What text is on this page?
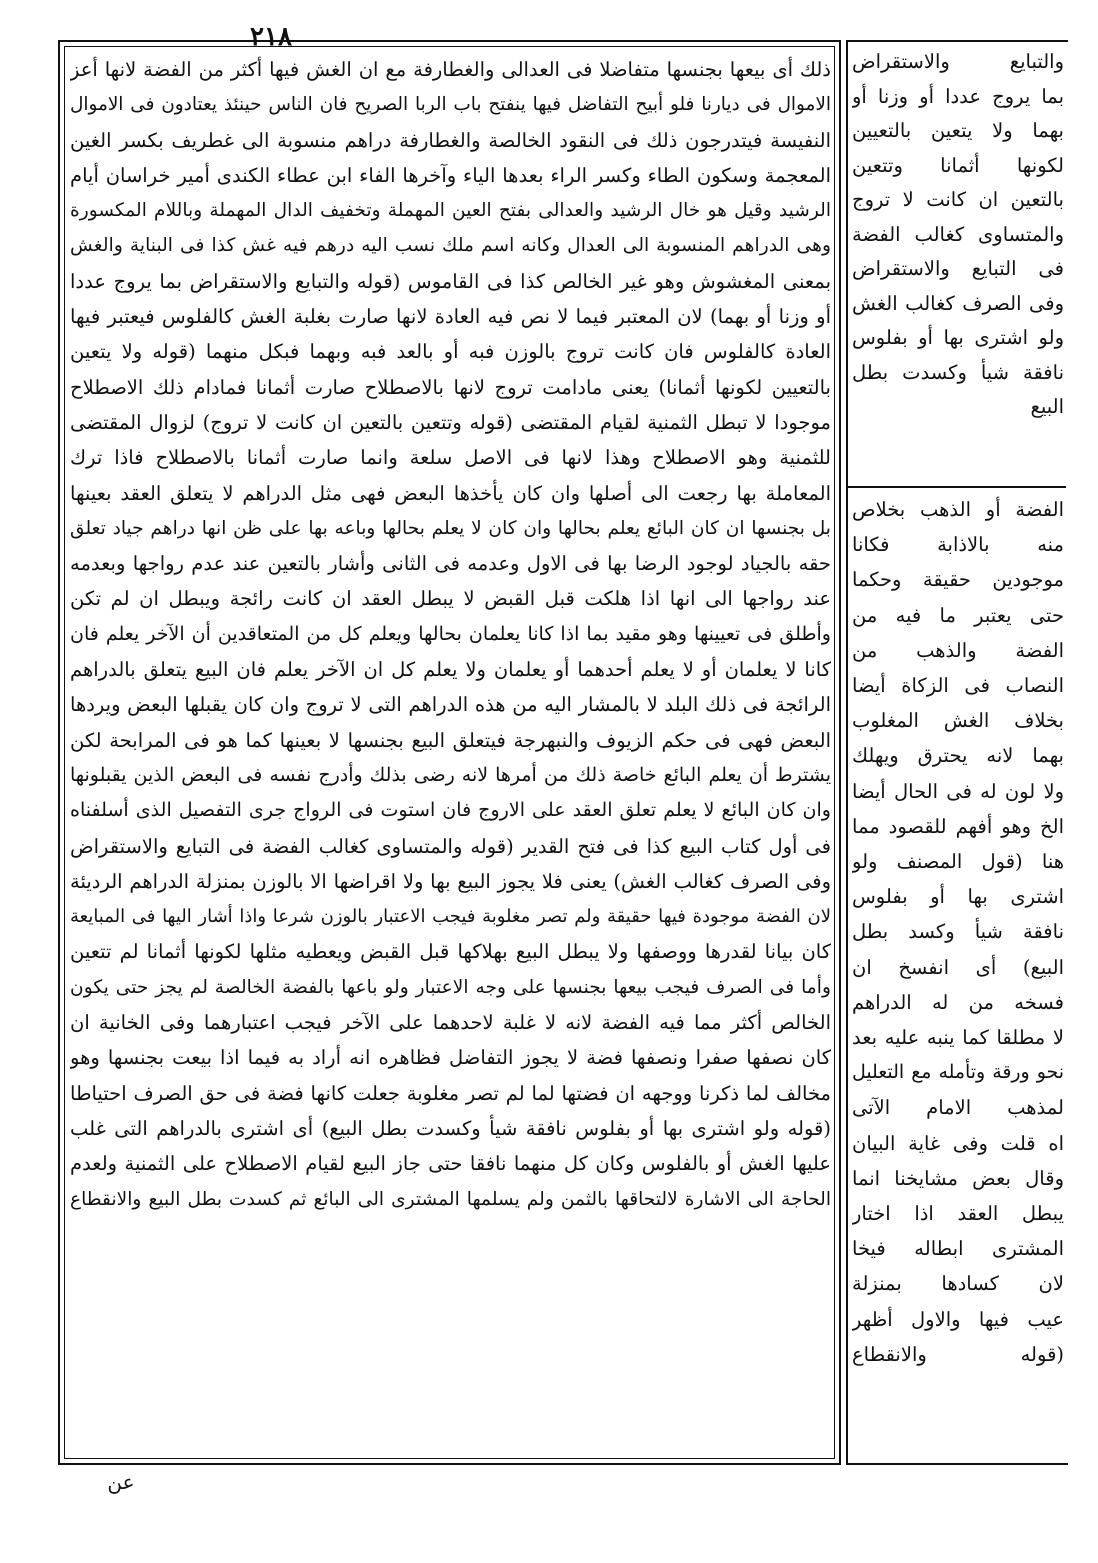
٢١٨
ذلك أى بيعها بجنسها متفاضلا فى العدالى والغطارفة مع ان الغش فيها أكثر من الفضة لانها أعز
الاموال فى ديارنا فلو أبيح التفاضل فيها ينفتح باب الربا الصريح فان الناس حينئذ يعتادون فى الاموال
النفيسة فيتدرجون ذلك فى النقود الخالصة والغطارفة دراهم منسوبة الى غطريف بكسر الغين
المعجمة وسكون الطاء وكسر الراء بعدها الياء وآخرها الفاء ابن عطاء الكندى أمير خراسان أيام
الرشيد وقيل هو خال الرشيد والعدالى بفتح العين المهملة وتخفيف الدال المهملة وباللام المكسورة
وهى الدراهم المنسوبة الى العدال وكانه اسم ملك نسب اليه درهم فيه غش كذا فى البناية والغش
بمعنى المغشوش وهو غير الخالص كذا فى القاموس (قوله والتبايع والاستقراض بما يروج عددا
أو وزنا أو بهما) لان المعتبر فيما لا نص فيه العادة لانها صارت بغلبة الغش كالفلوس فيعتبر فيها
العادة كالفلوس فان كانت تروج بالوزن فبه أو بالعد فبه وبهما فبكل منهما (قوله ولا يتعين
بالتعيين لكونها أثمانا) يعنى مادامت تروج لانها بالاصطلاح صارت أثمانا فمادام ذلك الاصطلاح
موجودا لا تبطل الثمنية لقيام المقتضى (قوله وتتعين بالتعين ان كانت لا تروج) لزوال المقتضى
للثمنية وهو الاصطلاح وهذا لانها فى الاصل سلعة وانما صارت أثمانا بالاصطلاح فاذا ترك
المعاملة بها رجعت الى أصلها وان كان يأخذها البعض فهى مثل الدراهم لا يتعلق العقد بعينها
بل بجنسها ان كان البائع يعلم بحالها وان كان لا يعلم بحالها وباعه بها على ظن انها دراهم جياد تعلق
حقه بالجياد لوجود الرضا بها فى الاول وعدمه فى الثانى وأشار بالتعين عند عدم رواجها وبعدمه
عند رواجها الى انها اذا هلكت قبل القبض لا يبطل العقد ان كانت رائجة ويبطل ان لم تكن
وأطلق فى تعيينها وهو مقيد بما اذا كانا يعلمان بحالها ويعلم كل من المتعاقدين أن الآخر يعلم فان
كانا لا يعلمان أو لا يعلم أحدهما أو يعلمان ولا يعلم كل ان الآخر يعلم فان البيع يتعلق بالدراهم
الرائجة فى ذلك البلد لا بالمشار اليه من هذه الدراهم التى لا تروج وان كان يقبلها البعض ويردها
البعض فهى فى حكم الزيوف والنبهرجة فيتعلق البيع بجنسها لا بعينها كما هو فى المرابحة لكن
يشترط أن يعلم البائع خاصة ذلك من أمرها لانه رضى بذلك وأدرج نفسه فى البعض الذين يقبلونها
وان كان البائع لا يعلم تعلق العقد على الاروج فان استوت فى الرواج جرى التفصيل الذى أسلفناه
فى أول كتاب البيع كذا فى فتح القدير (قوله والمتساوى كغالب الفضة فى التبايع والاستقراض
وفى الصرف كغالب الغش) يعنى فلا يجوز البيع بها ولا اقراضها الا بالوزن بمنزلة الدراهم الرديئة
لان الفضة موجودة فيها حقيقة ولم تصر مغلوبة فيجب الاعتبار بالوزن شرعا واذا أشار اليها فى المبايعة
كان بيانا لقدرها ووصفها ولا يبطل البيع بهلاكها قبل القبض ويعطيه مثلها لكونها أثمانا لم تتعين
وأما فى الصرف فيجب بيعها بجنسها على وجه الاعتبار ولو باعها بالفضة الخالصة لم يجز حتى يكون
الخالص أكثر مما فيه الفضة لانه لا غلبة لاحدهما على الآخر فيجب اعتبارهما وفى الخانية ان
كان نصفها صفرا ونصفها فضة لا يجوز التفاضل فظاهره انه أراد به فيما اذا بيعت بجنسها وهو
مخالف لما ذكرنا ووجهه ان فضتها لما لم تصر مغلوبة جعلت كانها فضة فى حق الصرف احتياطا
(قوله ولو اشترى بها أو بفلوس نافقة شيأ وكسدت بطل البيع) أى اشترى بالدراهم التى غلب
عليها الغش أو بالفلوس وكان كل منهما نافقا حتى جاز البيع لقيام الاصطلاح على الثمنية ولعدم
الحاجة الى الاشارة لالتحاقها بالثمن ولم يسلمها المشترى الى البائع ثم كسدت بطل البيع والانقطاع
والتبايع والاستقراض
بما يروج عددا أو وزنا أو
بهما ولا يتعين بالتعيين
لكونها أثمانا وتتعين
بالتعين ان كانت لا تروج
والمتساوى كغالب الفضة
فى التبايع والاستقراض
وفى الصرف كغالب الغش
ولو اشترى بها أو بفلوس
نافقة شيأ وكسدت بطل
البيع
الفضة أو الذهب بخلاص
منه بالاذابة فكانا
موجودين حقيقة وحكما
حتى يعتبر ما فيه من
الفضة والذهب من
النصاب فى الزكاة أيضا
بخلاف الغش المغلوب
بهما لانه يحترق ويهلك
ولا لون له فى الحال أيضا
الخ وهو أفهم للقصود مما
هنا (قول المصنف ولو
اشترى بها أو بفلوس
نافقة شيأ وكسد بطل
البيع) أى انفسخ ان
فسخه من له الدراهم
لا مطلقا كما ينبه عليه بعد
نحو ورقة وتأمله مع التعليل
لمذهب الامام الآتى
اه قلت وفى غاية البيان
وقال بعض مشايخنا انما
يبطل العقد اذا اختار
المشترى ابطاله فيخا
لان كسادها بمنزلة
عيب فيها والاول أظهر
(قوله والانقطاع
عن
